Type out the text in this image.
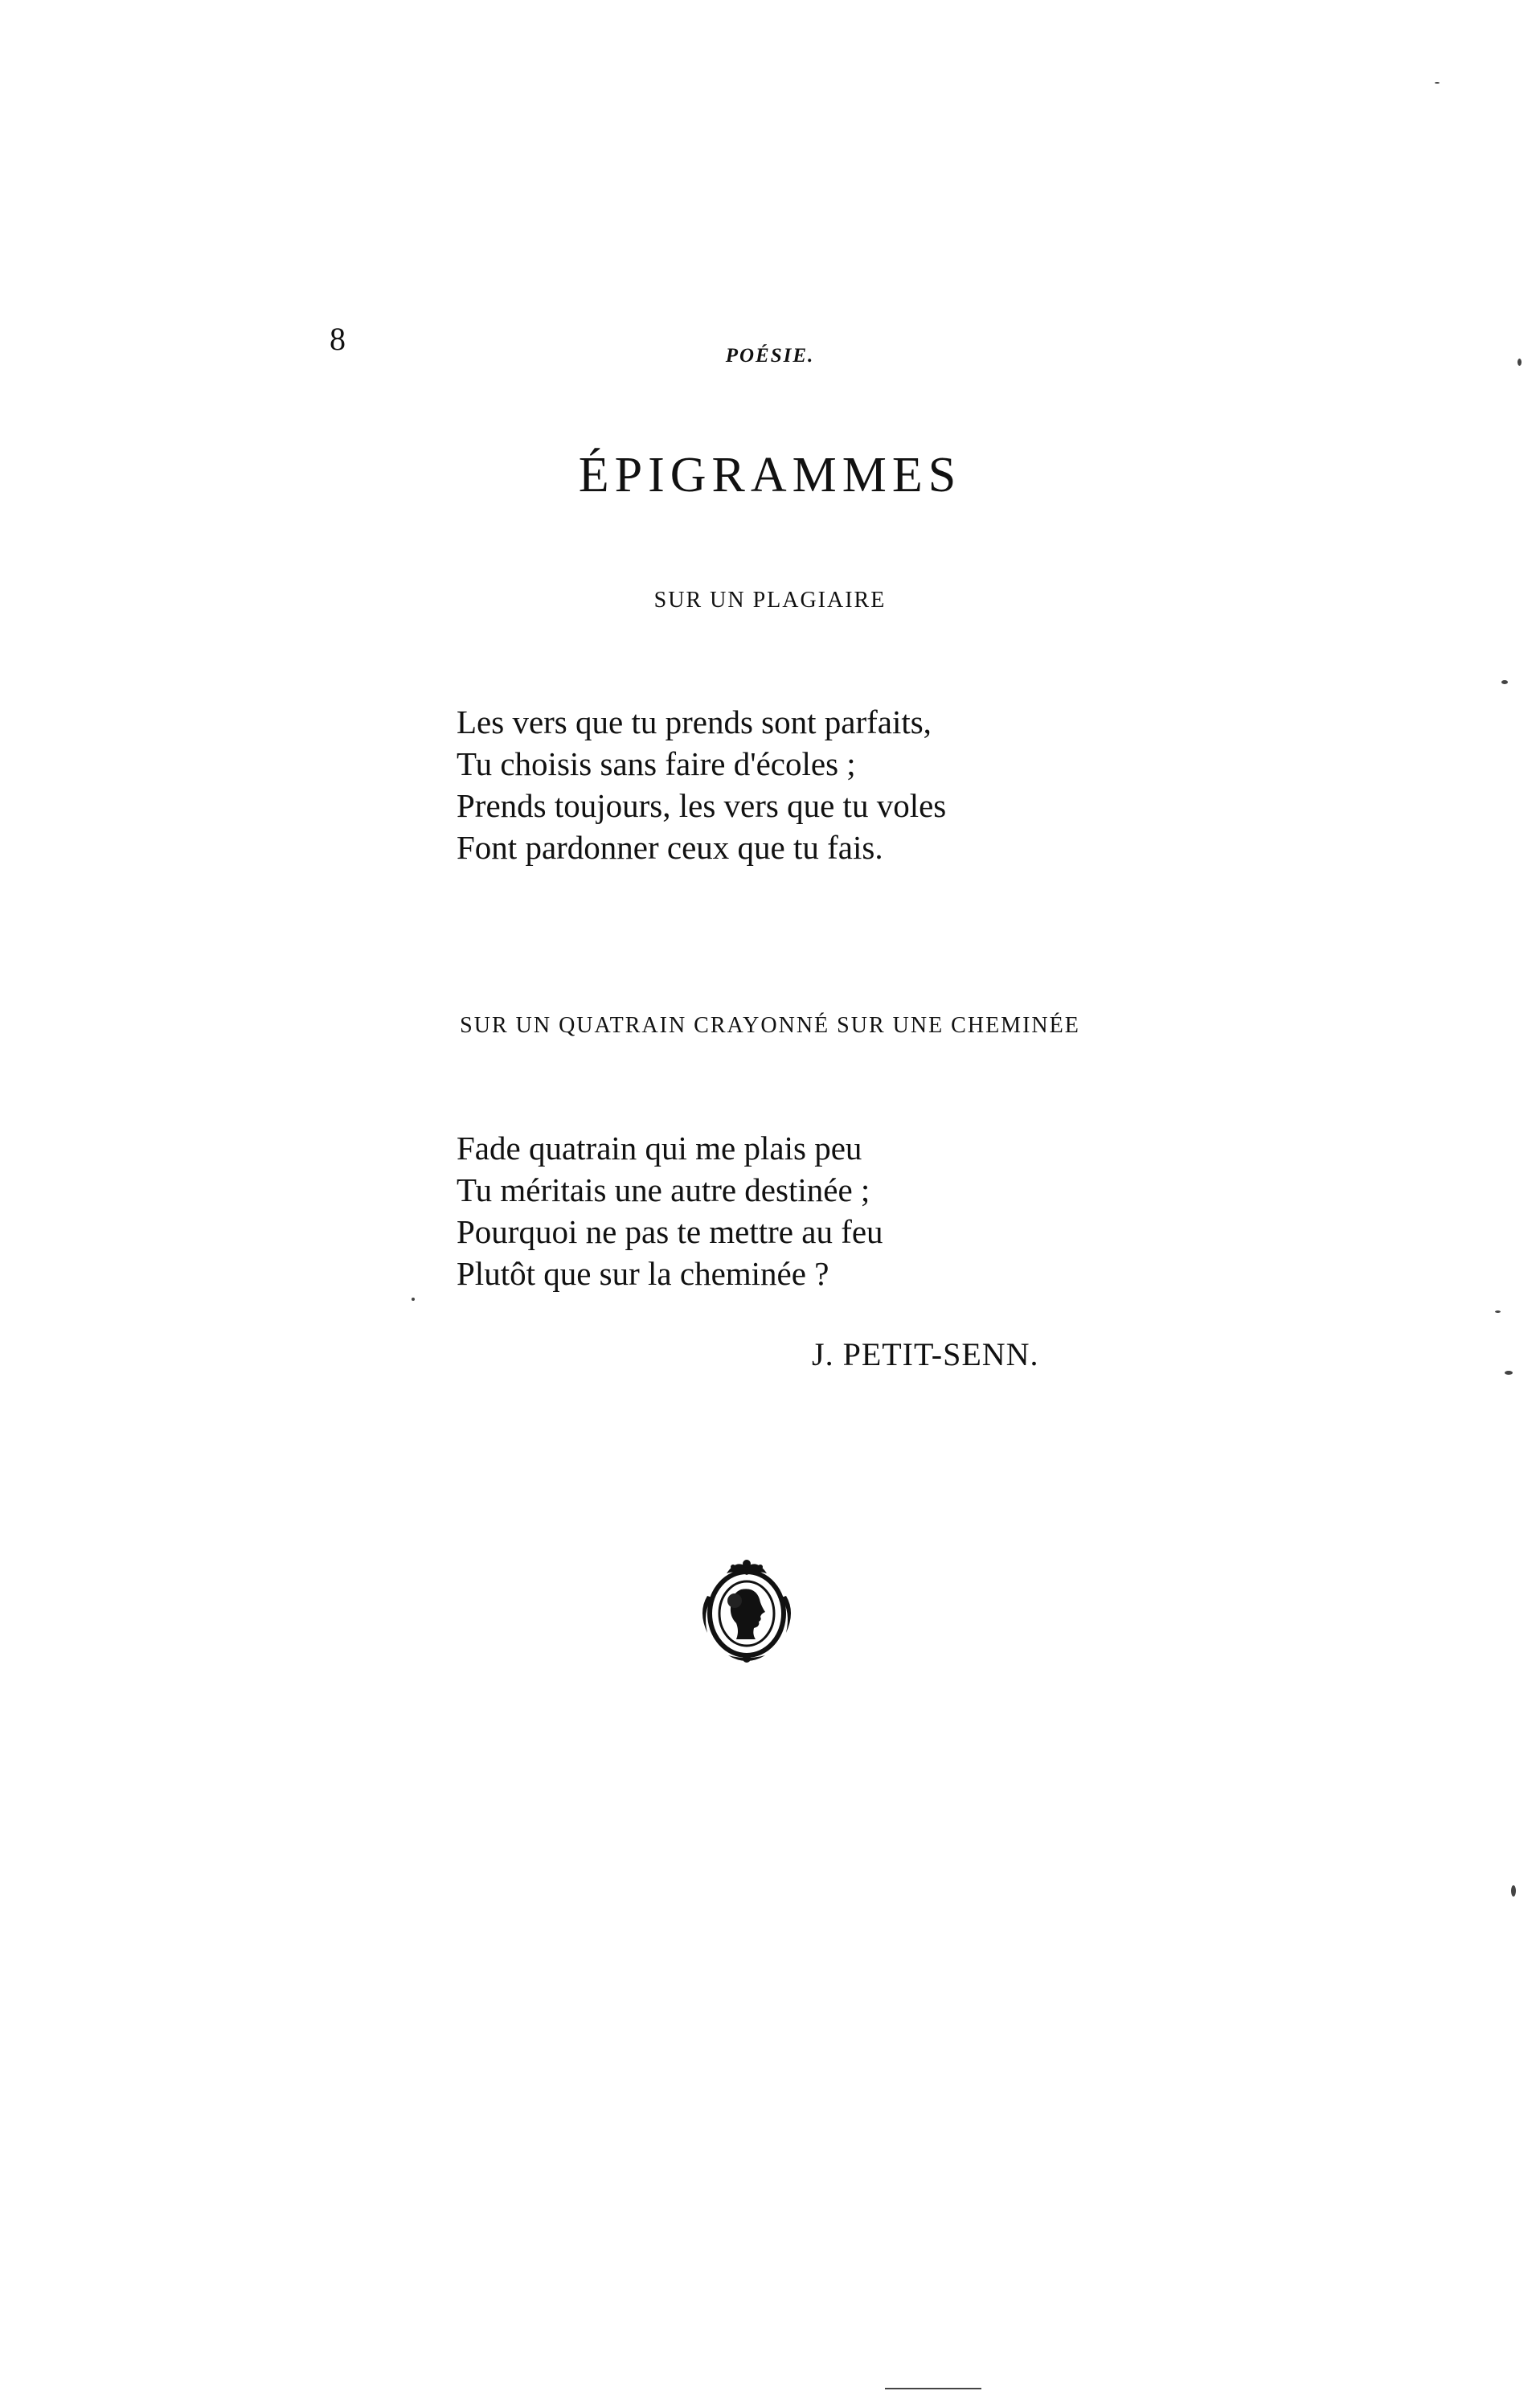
8	POÉSIE.
ÉPIGRAMMES
SUR UN PLAGIAIRE
Les vers que tu prends sont parfaits,
Tu choisis sans faire d'écoles ;
Prends toujours, les vers que tu voles
Font pardonner ceux que tu fais.
SUR UN QUATRAIN CRAYONNÉ SUR UNE CHEMINÉE
Fade quatrain qui me plais peu
Tu méritais une autre destinée ;
Pourquoi ne pas te mettre au feu
Plutôt que sur la cheminée ?
J. PETIT-SENN.
